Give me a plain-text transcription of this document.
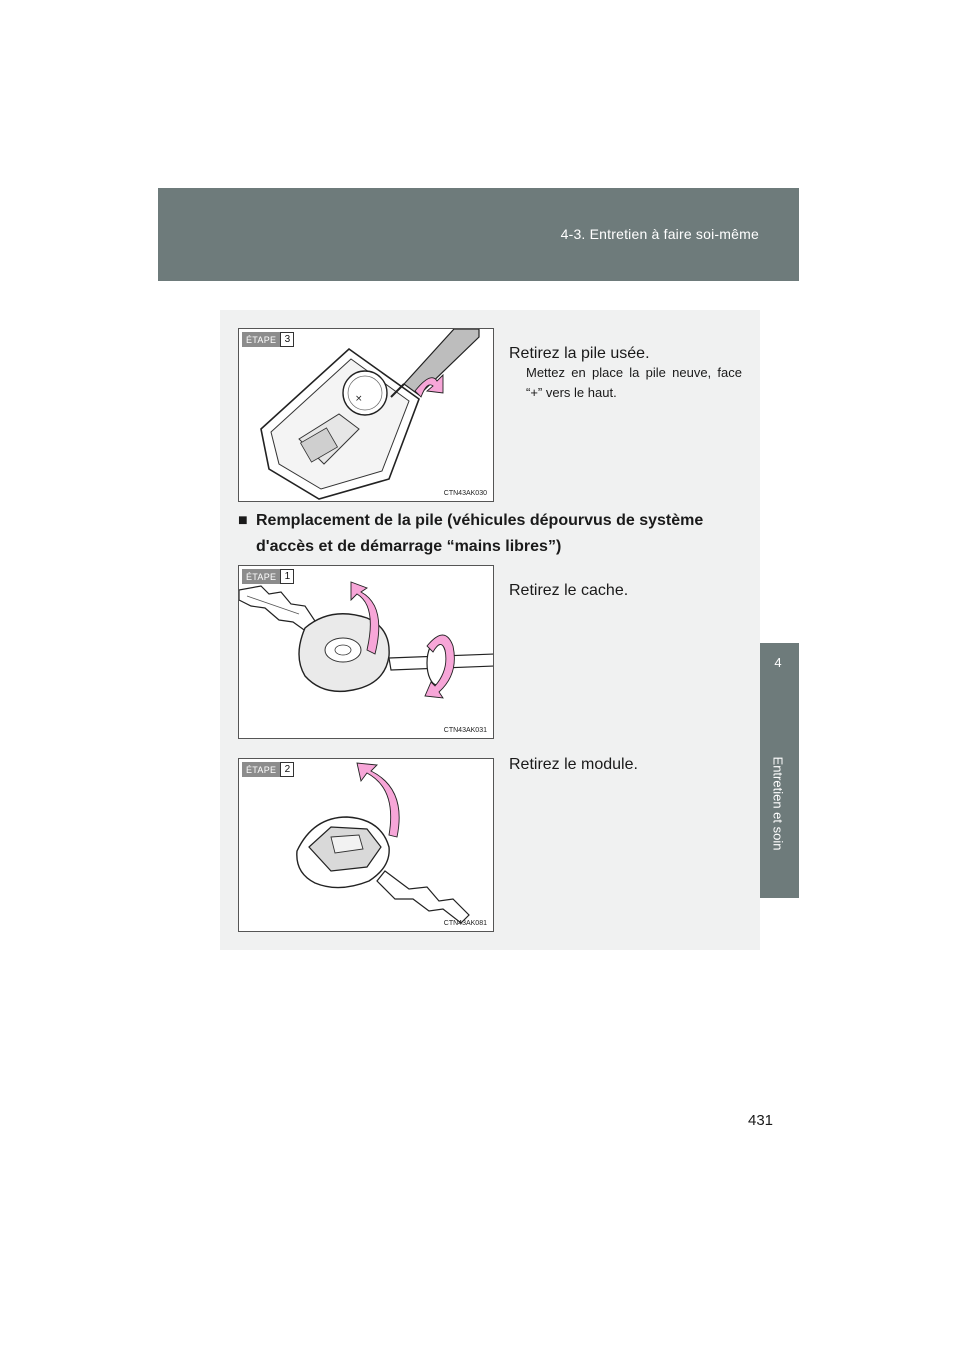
4-3. Entretien à faire soi-même
4
Entretien et soin
ÉTAPE 3
×
CTN43AK030
Retirez la pile usée.
Mettez en place la pile neuve, face “+” vers le haut.
■ Remplacement de la pile (véhicules dépourvus de système
d'accès et de démarrage “mains libres”)
ÉTAPE 1
CTN43AK031
Retirez le cache.
ÉTAPE 2
CTN43AK081
Retirez le module.
431
